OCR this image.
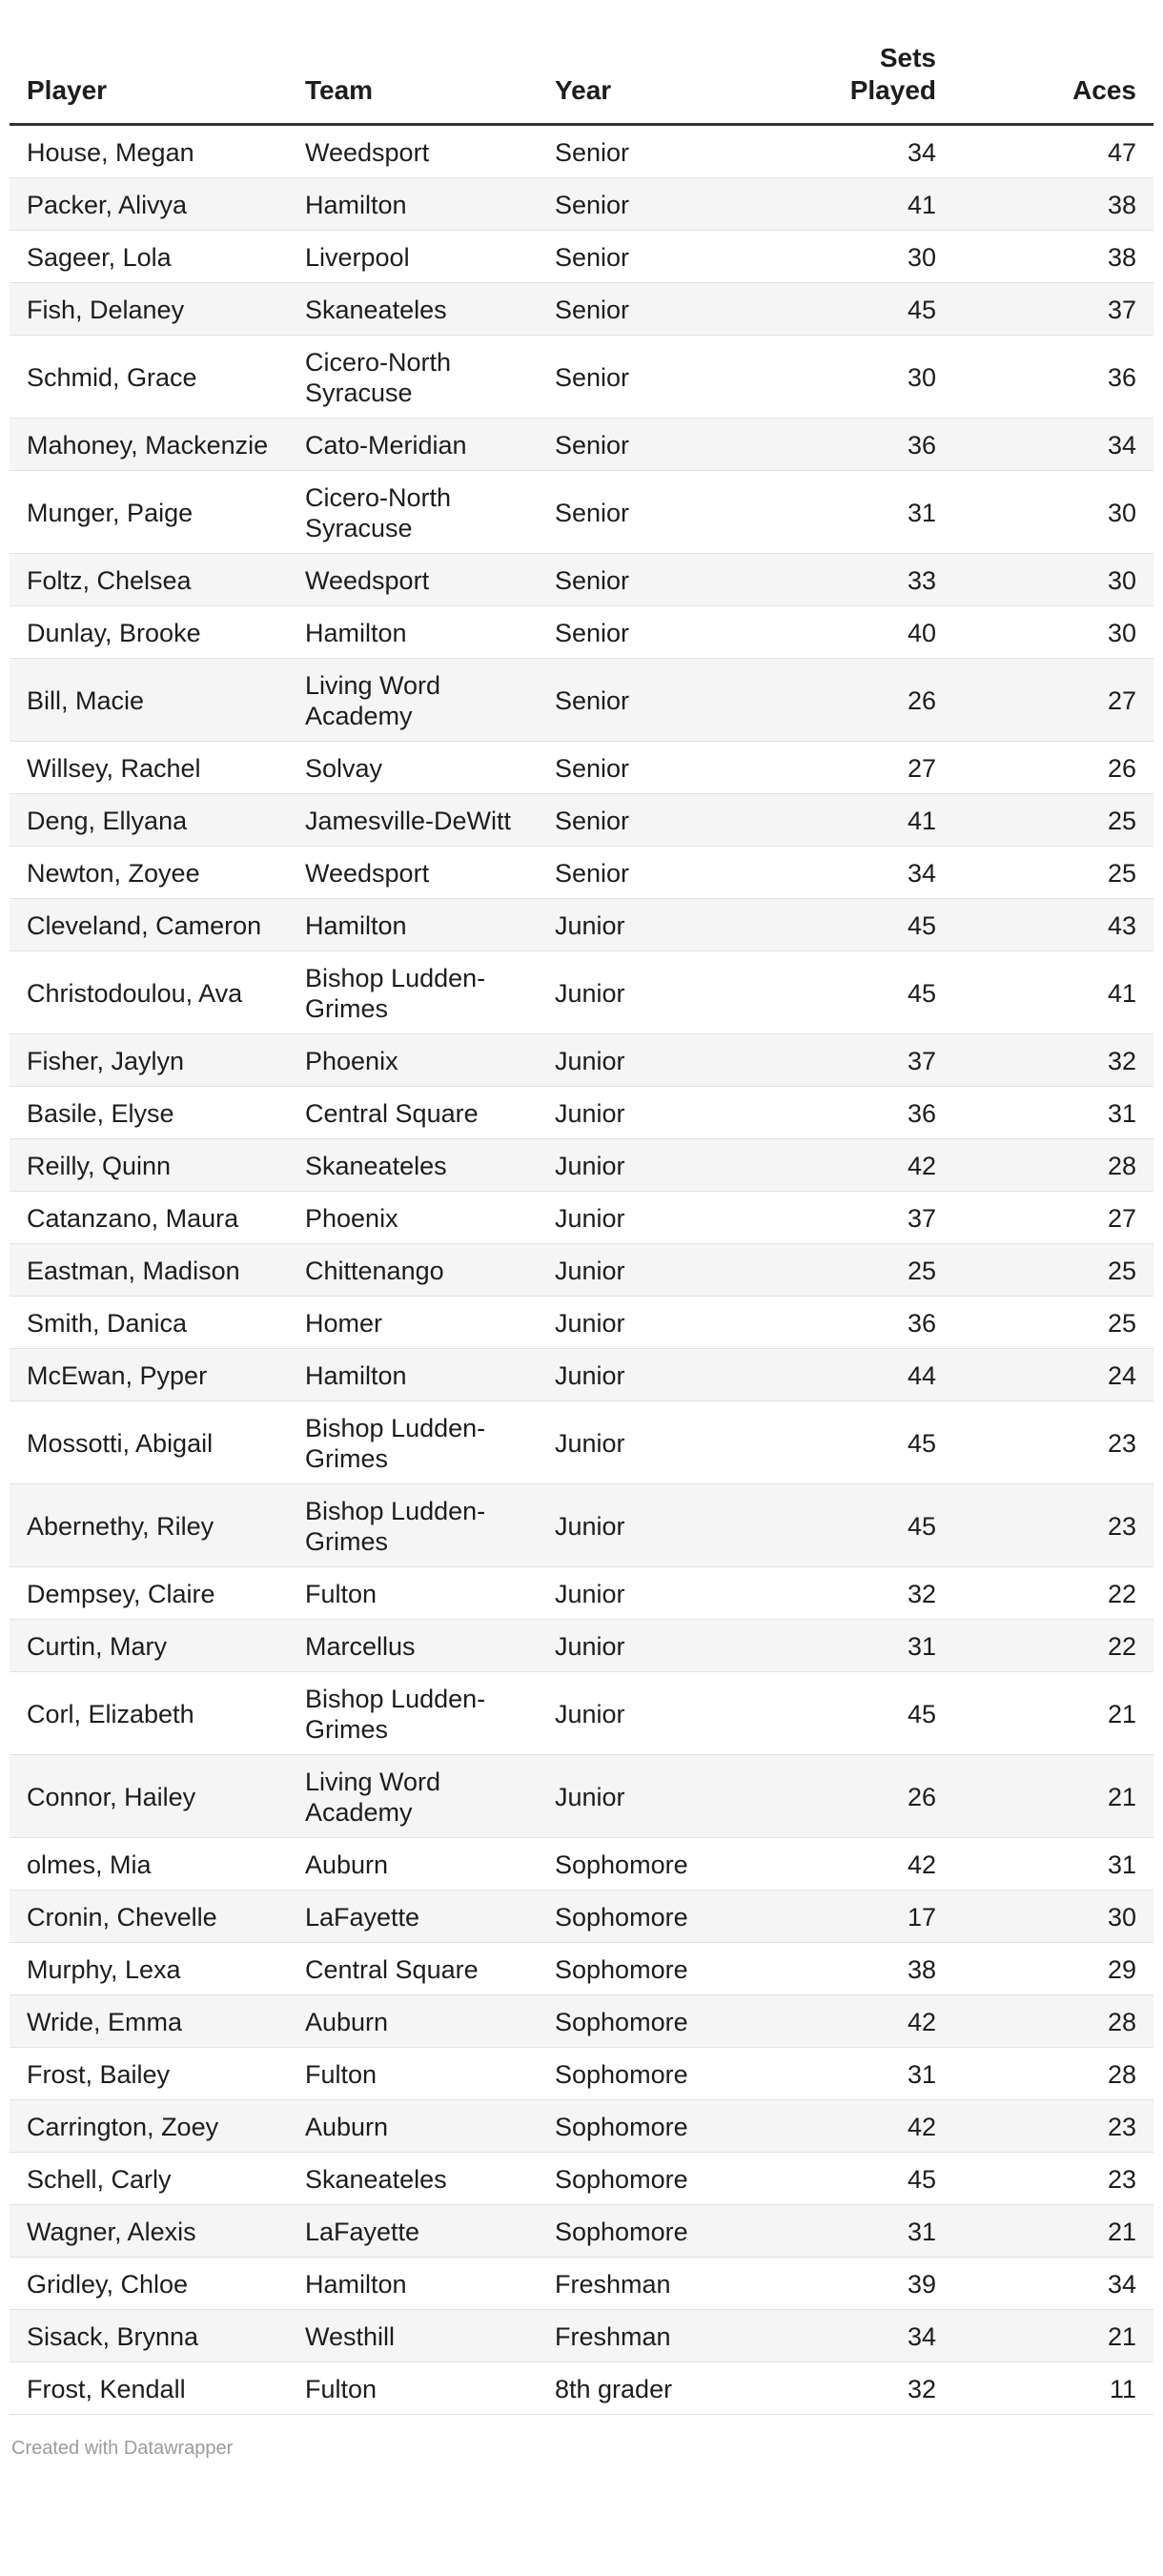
Player	Team	Year	Sets Played	Aces
House, Megan	Weedsport	Senior	34	47
Packer, Alivya	Hamilton	Senior	41	38
Sageer, Lola	Liverpool	Senior	30	38
Fish, Delaney	Skaneateles	Senior	45	37
Schmid, Grace	Cicero-North Syracuse	Senior	30	36
Mahoney, Mackenzie	Cato-Meridian	Senior	36	34
Munger, Paige	Cicero-North Syracuse	Senior	31	30
Foltz, Chelsea	Weedsport	Senior	33	30
Dunlay, Brooke	Hamilton	Senior	40	30
Bill, Macie	Living Word Academy	Senior	26	27
Willsey, Rachel	Solvay	Senior	27	26
Deng, Ellyana	Jamesville-DeWitt	Senior	41	25
Newton, Zoyee	Weedsport	Senior	34	25
Cleveland, Cameron	Hamilton	Junior	45	43
Christodoulou, Ava	Bishop Ludden-Grimes	Junior	45	41
Fisher, Jaylyn	Phoenix	Junior	37	32
Basile, Elyse	Central Square	Junior	36	31
Reilly, Quinn	Skaneateles	Junior	42	28
Catanzano, Maura	Phoenix	Junior	37	27
Eastman, Madison	Chittenango	Junior	25	25
Smith, Danica	Homer	Junior	36	25
McEwan, Pyper	Hamilton	Junior	44	24
Mossotti, Abigail	Bishop Ludden-Grimes	Junior	45	23
Abernethy, Riley	Bishop Ludden-Grimes	Junior	45	23
Dempsey, Claire	Fulton	Junior	32	22
Curtin, Mary	Marcellus	Junior	31	22
Corl, Elizabeth	Bishop Ludden-Grimes	Junior	45	21
Connor, Hailey	Living Word Academy	Junior	26	21
olmes, Mia	Auburn	Sophomore	42	31
Cronin, Chevelle	LaFayette	Sophomore	17	30
Murphy, Lexa	Central Square	Sophomore	38	29
Wride, Emma	Auburn	Sophomore	42	28
Frost, Bailey	Fulton	Sophomore	31	28
Carrington, Zoey	Auburn	Sophomore	42	23
Schell, Carly	Skaneateles	Sophomore	45	23
Wagner, Alexis	LaFayette	Sophomore	31	21
Gridley, Chloe	Hamilton	Freshman	39	34
Sisack, Brynna	Westhill	Freshman	34	21
Frost, Kendall	Fulton	8th grader	32	11
Created with Datawrapper
